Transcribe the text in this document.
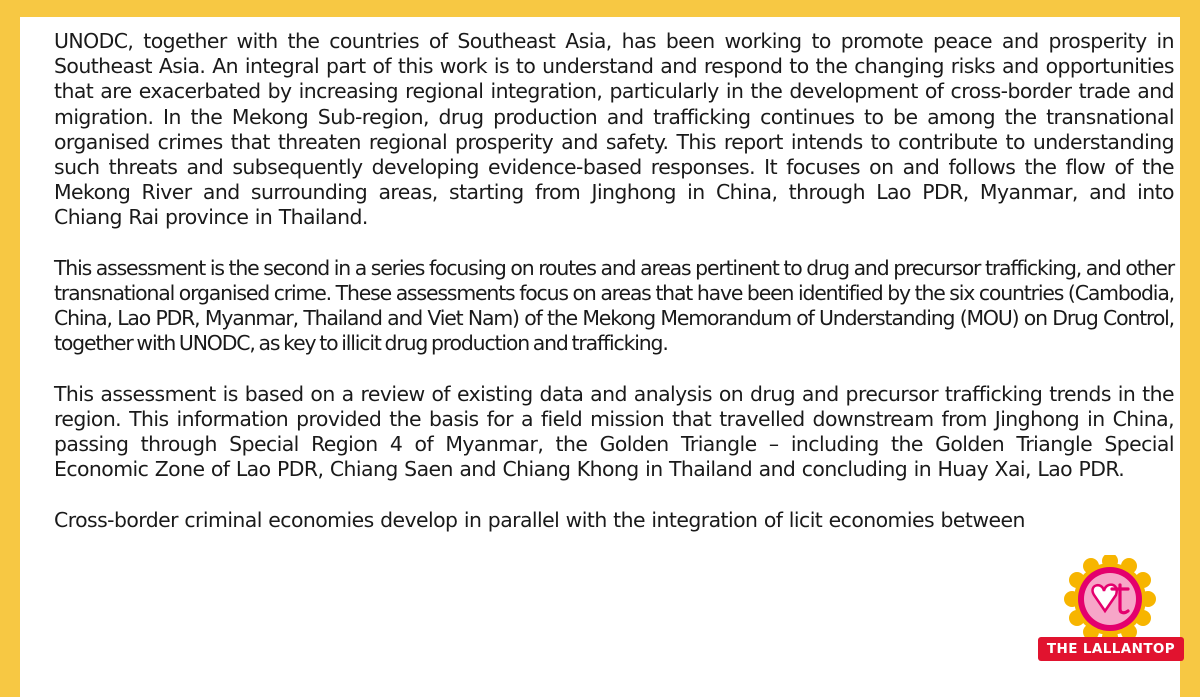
UNODC, together with the countries of Southeast Asia, has been working to promote peace and prosperity in Southeast Asia. An integral part of this work is to understand and respond to the changing risks and opportunities that are exacerbated by increasing regional integration, particularly in the development of cross-border trade and migration. In the Mekong Sub-region, drug production and trafficking continues to be among the transnational organised crimes that threaten regional prosperity and safety. This report intends to contribute to understanding such threats and subsequently developing evidence-based responses. It focuses on and follows the flow of the Mekong River and surrounding areas, starting from Jinghong in China, through Lao PDR, Myanmar, and into Chiang Rai province in Thailand.

This assessment is the second in a series focusing on routes and areas pertinent to drug and precursor trafficking, and other transnational organised crime. These assessments focus on areas that have been identified by the six countries (Cambodia, China, Lao PDR, Myanmar, Thailand and Viet Nam) of the Mekong Memorandum of Understanding (MOU) on Drug Control, together with UNODC, as key to illicit drug production and trafficking.

This assessment is based on a review of existing data and analysis on drug and precursor trafficking trends in the region. This information provided the basis for a field mission that travelled downstream from Jinghong in China, passing through Special Region 4 of Myanmar, the Golden Triangle – including the Golden Triangle Special Economic Zone of Lao PDR, Chiang Saen and Chiang Khong in Thailand and concluding in Huay Xai, Lao PDR.

Cross-border criminal economies develop in parallel with the integration of licit economies between

THE LALLANTOP
